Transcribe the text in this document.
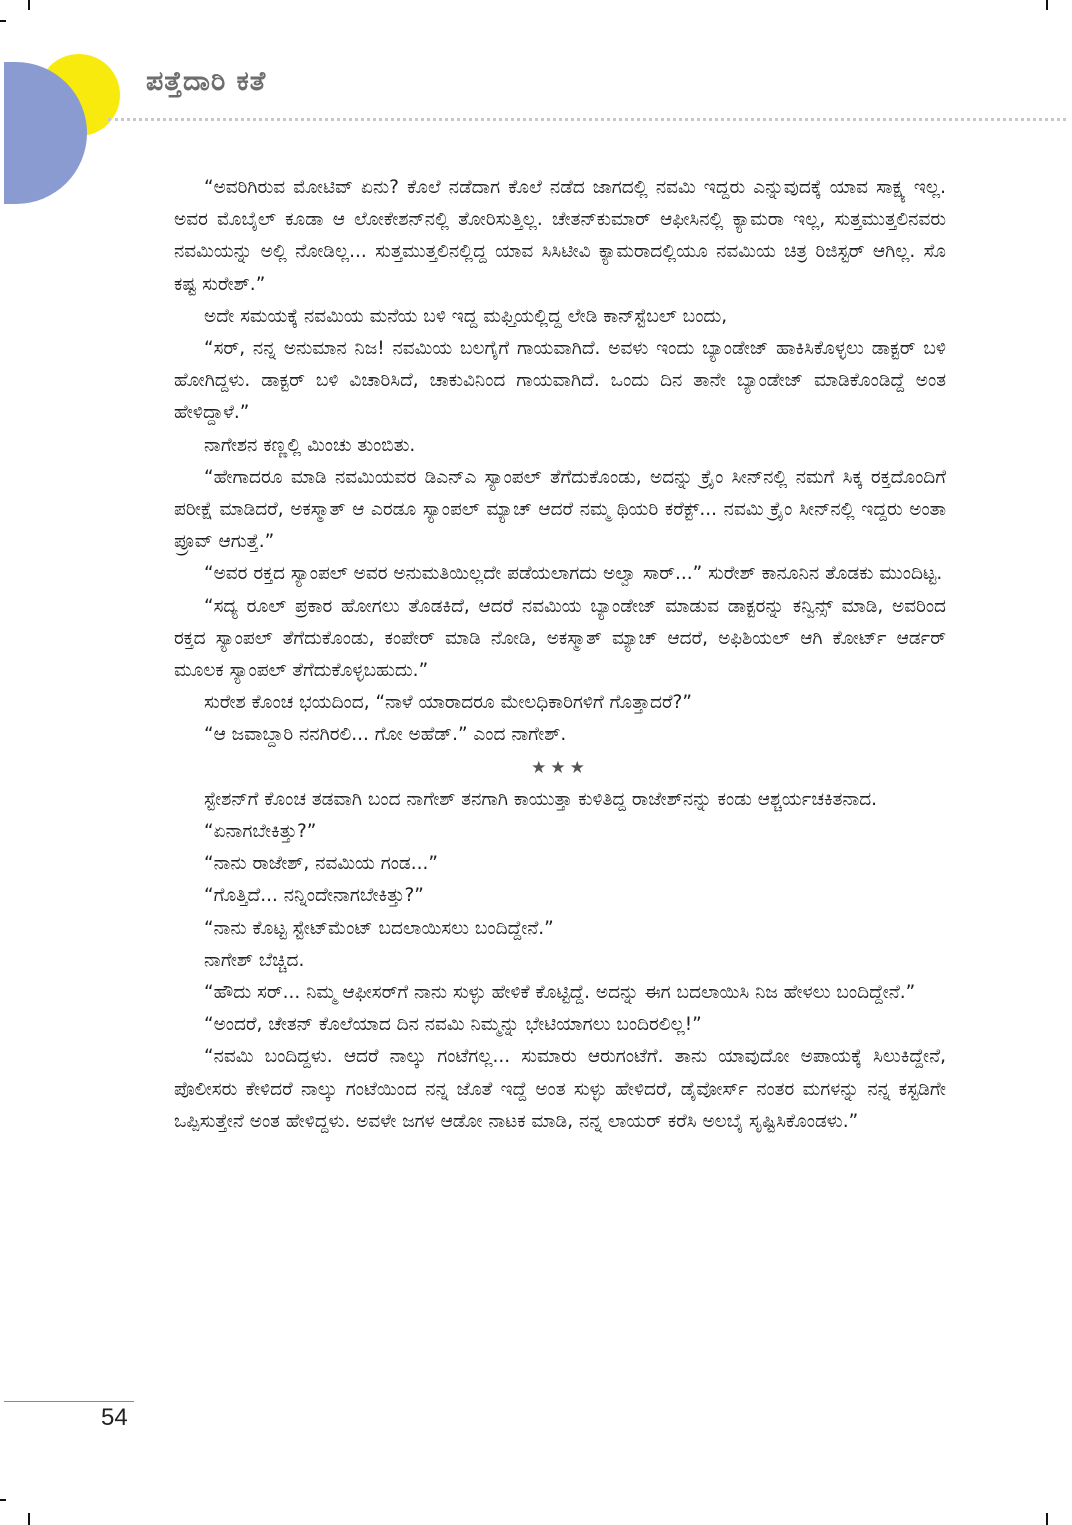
ಪತ್ತೆದಾರಿ ಕತೆ

“ಅವರಿಗಿರುವ ಮೋಟಿವ್ ಏನು? ಕೊಲೆ ನಡೆದಾಗ ಕೊಲೆ ನಡೆದ ಜಾಗದಲ್ಲಿ ನವಮಿ ಇದ್ದರು ಎನ್ನುವುದಕ್ಕೆ ಯಾವ ಸಾಕ್ಷ್ಯ ಇಲ್ಲ. ಅವರ ಮೊಬೈಲ್ ಕೂಡಾ ಆ ಲೋಕೇಶನ್‌ನಲ್ಲಿ ತೋರಿಸುತ್ತಿಲ್ಲ. ಚೇತನ್‌ಕುಮಾರ್ ಆಫೀಸಿನಲ್ಲಿ ಕ್ಯಾಮರಾ ಇಲ್ಲ, ಸುತ್ತಮುತ್ತಲಿನವರು ನವಮಿಯನ್ನು ಅಲ್ಲಿ ನೋಡಿಲ್ಲ... ಸುತ್ತಮುತ್ತಲಿನಲ್ಲಿದ್ದ ಯಾವ ಸಿಸಿಟೀವಿ ಕ್ಯಾಮರಾದಲ್ಲಿಯೂ ನವಮಿಯ ಚಿತ್ರ ರಿಜಿಸ್ಟರ್ ಆಗಿಲ್ಲ. ಸೊ ಕಷ್ಟ ಸುರೇಶ್.”

ಅದೇ ಸಮಯಕ್ಕೆ ನವಮಿಯ ಮನೆಯ ಬಳಿ ಇದ್ದ ಮಫ್ತಿಯಲ್ಲಿದ್ದ ಲೇಡಿ ಕಾನ್‌ಸ್ಟೆಬಲ್ ಬಂದು,

“ಸರ್, ನನ್ನ ಅನುಮಾನ ನಿಜ! ನವಮಿಯ ಬಲಗೈಗೆ ಗಾಯವಾಗಿದೆ. ಅವಳು ಇಂದು ಬ್ಯಾಂಡೇಜ್ ಹಾಕಿಸಿಕೊಳ್ಳಲು ಡಾಕ್ಟರ್ ಬಳಿ ಹೋಗಿದ್ದಳು. ಡಾಕ್ಟರ್ ಬಳಿ ವಿಚಾರಿಸಿದೆ, ಚಾಕುವಿನಿಂದ ಗಾಯವಾಗಿದೆ. ಒಂದು ದಿನ ತಾನೇ ಬ್ಯಾಂಡೇಜ್ ಮಾಡಿಕೊಂಡಿದ್ದೆ ಅಂತ ಹೇಳಿದ್ದಾಳೆ.”

ನಾಗೇಶನ ಕಣ್ಣಲ್ಲಿ ಮಿಂಚು ತುಂಬಿತು.

“ಹೇಗಾದರೂ ಮಾಡಿ ನವಮಿಯವರ ಡಿಎನ್‌ಎ ಸ್ಯಾಂಪಲ್ ತೆಗೆದುಕೊಂಡು, ಅದನ್ನು ಕ್ರೈಂ ಸೀನ್‌ನಲ್ಲಿ ನಮಗೆ ಸಿಕ್ಕ ರಕ್ತದೊಂದಿಗೆ ಪರೀಕ್ಷೆ ಮಾಡಿದರೆ, ಅಕಸ್ಮಾತ್ ಆ ಎರಡೂ ಸ್ಯಾಂಪಲ್ ಮ್ಯಾಚ್ ಆದರೆ ನಮ್ಮ ಥಿಯರಿ ಕರೆಕ್ಟ್... ನವಮಿ ಕ್ರೈಂ ಸೀನ್‌ನಲ್ಲಿ ಇದ್ದರು ಅಂತಾ ಪ್ರೂವ್ ಆಗುತ್ತೆ.”

“ಅವರ ರಕ್ತದ ಸ್ಯಾಂಪಲ್ ಅವರ ಅನುಮತಿಯಿಲ್ಲದೇ ಪಡೆಯಲಾಗದು ಅಲ್ವಾ ಸಾರ್...” ಸುರೇಶ್ ಕಾನೂನಿನ ತೊಡಕು ಮುಂದಿಟ್ಟ.

“ಸದ್ಯ ರೂಲ್ ಪ್ರಕಾರ ಹೋಗಲು ತೊಡಕಿದೆ, ಆದರೆ ನವಮಿಯ ಬ್ಯಾಂಡೇಜ್ ಮಾಡುವ ಡಾಕ್ಟರನ್ನು ಕನ್ವಿನ್ಸ್ ಮಾಡಿ, ಅವರಿಂದ ರಕ್ತದ ಸ್ಯಾಂಪಲ್ ತೆಗೆದುಕೊಂಡು, ಕಂಪೇರ್ ಮಾಡಿ ನೋಡಿ, ಅಕಸ್ಮಾತ್ ಮ್ಯಾಚ್ ಆದರೆ, ಅಫಿಶಿಯಲ್ ಆಗಿ ಕೋರ್ಟ್ ಆರ್ಡರ್ ಮೂಲಕ ಸ್ಯಾಂಪಲ್ ತೆಗೆದುಕೊಳ್ಳಬಹುದು.”

ಸುರೇಶ ಕೊಂಚ ಭಯದಿಂದ, “ನಾಳೆ ಯಾರಾದರೂ ಮೇಲಧಿಕಾರಿಗಳಿಗೆ ಗೊತ್ತಾದರೆ?”

“ಆ ಜವಾಬ್ದಾರಿ ನನಗಿರಲಿ... ಗೋ ಅಹೆಡ್.” ಎಂದ ನಾಗೇಶ್.

★★★

ಸ್ಟೇಶನ್‌ಗೆ ಕೊಂಚ ತಡವಾಗಿ ಬಂದ ನಾಗೇಶ್ ತನಗಾಗಿ ಕಾಯುತ್ತಾ ಕುಳಿತಿದ್ದ ರಾಜೇಶ್‌ನನ್ನು ಕಂಡು ಆಶ್ಚರ್ಯಚಕಿತನಾದ.

“ಏನಾಗಬೇಕಿತ್ತು?”

“ನಾನು ರಾಜೇಶ್, ನವಮಿಯ ಗಂಡ...”

“ಗೊತ್ತಿದೆ... ನನ್ನಿಂದೇನಾಗಬೇಕಿತ್ತು?”

“ನಾನು ಕೊಟ್ಟ ಸ್ಟೇಟ್‌ಮೆಂಟ್ ಬದಲಾಯಿಸಲು ಬಂದಿದ್ದೇನೆ.”

ನಾಗೇಶ್ ಬೆಚ್ಚಿದ.

“ಹೌದು ಸರ್... ನಿಮ್ಮ ಆಫೀಸರ್‌ಗೆ ನಾನು ಸುಳ್ಳು ಹೇಳಿಕೆ ಕೊಟ್ಟಿದ್ದೆ. ಅದನ್ನು ಈಗ ಬದಲಾಯಿಸಿ ನಿಜ ಹೇಳಲು ಬಂದಿದ್ದೇನೆ.”

“ಅಂದರೆ, ಚೇತನ್ ಕೊಲೆಯಾದ ದಿನ ನವಮಿ ನಿಮ್ಮನ್ನು ಭೇಟಿಯಾಗಲು ಬಂದಿರಲಿಲ್ಲ!”

“ನವಮಿ ಬಂದಿದ್ದಳು. ಆದರೆ ನಾಲ್ಕು ಗಂಟೆಗಲ್ಲ... ಸುಮಾರು ಆರುಗಂಟೆಗೆ. ತಾನು ಯಾವುದೋ ಅಪಾಯಕ್ಕೆ ಸಿಲುಕಿದ್ದೇನೆ, ಪೊಲೀಸರು ಕೇಳಿದರೆ ನಾಲ್ಕು ಗಂಟೆಯಿಂದ ನನ್ನ ಜೊತೆ ಇದ್ದೆ ಅಂತ ಸುಳ್ಳು ಹೇಳಿದರೆ, ಡೈವೋರ್ಸ್ ನಂತರ ಮಗಳನ್ನು ನನ್ನ ಕಸ್ಟಡಿಗೇ ಒಪ್ಪಿಸುತ್ತೇನೆ ಅಂತ ಹೇಳಿದ್ದಳು. ಅವಳೇ ಜಗಳ ಆಡೋ ನಾಟಕ ಮಾಡಿ, ನನ್ನ ಲಾಯರ್ ಕರೆಸಿ ಅಲಬೈ ಸೃಷ್ಟಿಸಿಕೊಂಡಳು.”

54
